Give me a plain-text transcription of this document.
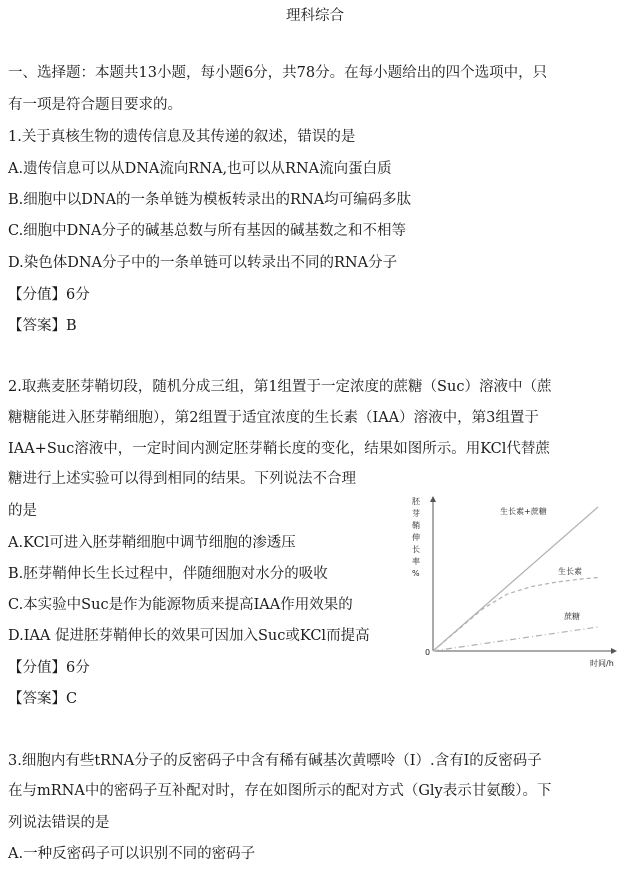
理科综合
一、选择题：本题共13小题，每小题6分，共78分。在每小题给出的四个选项中，只
有一项是符合题目要求的。
1.关于真核生物的遗传信息及其传递的叙述，错误的是
A.遗传信息可以从DNA流向RNA,也可以从RNA流向蛋白质
B.细胞中以DNA的一条单链为模板转录出的RNA均可编码多肽
C.细胞中DNA分子的碱基总数与所有基因的碱基数之和不相等
D.染色体DNA分子中的一条单链可以转录出不同的RNA分子
【分值】6分
【答案】B
2.取燕麦胚芽鞘切段，随机分成三组，第1组置于一定浓度的蔗糖（Suc）溶液中（蔗
糖糖能进入胚芽鞘细胞），第2组置于适宜浓度的生长素（IAA）溶液中，第3组置于
IAA+Suc溶液中，一定时间内测定胚芽鞘长度的变化，结果如图所示。用KCl代替蔗
糖进行上述实验可以得到相同的结果。下列说法不合理
的是
A.KCl可进入胚芽鞘细胞中调节细胞的渗透压
B.胚芽鞘伸长生长过程中，伴随细胞对水分的吸收
C.本实验中Suc是作为能源物质来提高IAA作用效果的
D.IAA 促进胚芽鞘伸长的效果可因加入Suc或KCl而提高
【分值】6分
【答案】C
3.细胞内有些tRNA分子的反密码子中含有稀有碱基次黄嘌呤（I）.含有I的反密码子
在与mRNA中的密码子互补配对时，存在如图所示的配对方式（Gly表示甘氨酸）。下
列说法错误的是
A.一种反密码子可以识别不同的密码子
胚
芽
鞘
伸
长
率
%
0
时间/h
生长素+蔗糖
生长素
蔗糖
